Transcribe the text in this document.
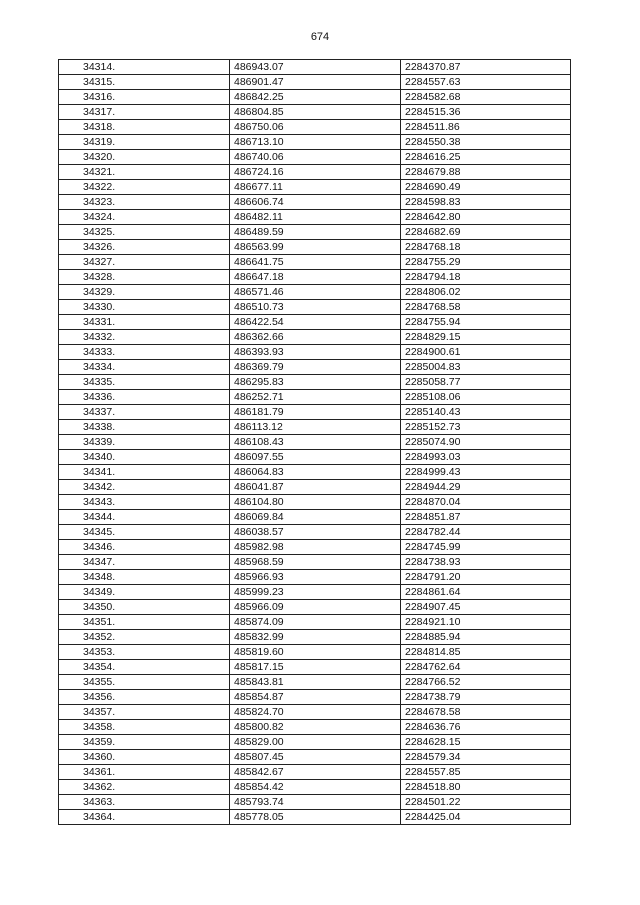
674
34314.	486943.07	2284370.87
34315.	486901.47	2284557.63
34316.	486842.25	2284582.68
34317.	486804.85	2284515.36
34318.	486750.06	2284511.86
34319.	486713.10	2284550.38
34320.	486740.06	2284616.25
34321.	486724.16	2284679.88
34322.	486677.11	2284690.49
34323.	486606.74	2284598.83
34324.	486482.11	2284642.80
34325.	486489.59	2284682.69
34326.	486563.99	2284768.18
34327.	486641.75	2284755.29
34328.	486647.18	2284794.18
34329.	486571.46	2284806.02
34330.	486510.73	2284768.58
34331.	486422.54	2284755.94
34332.	486362.66	2284829.15
34333.	486393.93	2284900.61
34334.	486369.79	2285004.83
34335.	486295.83	2285058.77
34336.	486252.71	2285108.06
34337.	486181.79	2285140.43
34338.	486113.12	2285152.73
34339.	486108.43	2285074.90
34340.	486097.55	2284993.03
34341.	486064.83	2284999.43
34342.	486041.87	2284944.29
34343.	486104.80	2284870.04
34344.	486069.84	2284851.87
34345.	486038.57	2284782.44
34346.	485982.98	2284745.99
34347.	485968.59	2284738.93
34348.	485966.93	2284791.20
34349.	485999.23	2284861.64
34350.	485966.09	2284907.45
34351.	485874.09	2284921.10
34352.	485832.99	2284885.94
34353.	485819.60	2284814.85
34354.	485817.15	2284762.64
34355.	485843.81	2284766.52
34356.	485854.87	2284738.79
34357.	485824.70	2284678.58
34358.	485800.82	2284636.76
34359.	485829.00	2284628.15
34360.	485807.45	2284579.34
34361.	485842.67	2284557.85
34362.	485854.42	2284518.80
34363.	485793.74	2284501.22
34364.	485778.05	2284425.04
